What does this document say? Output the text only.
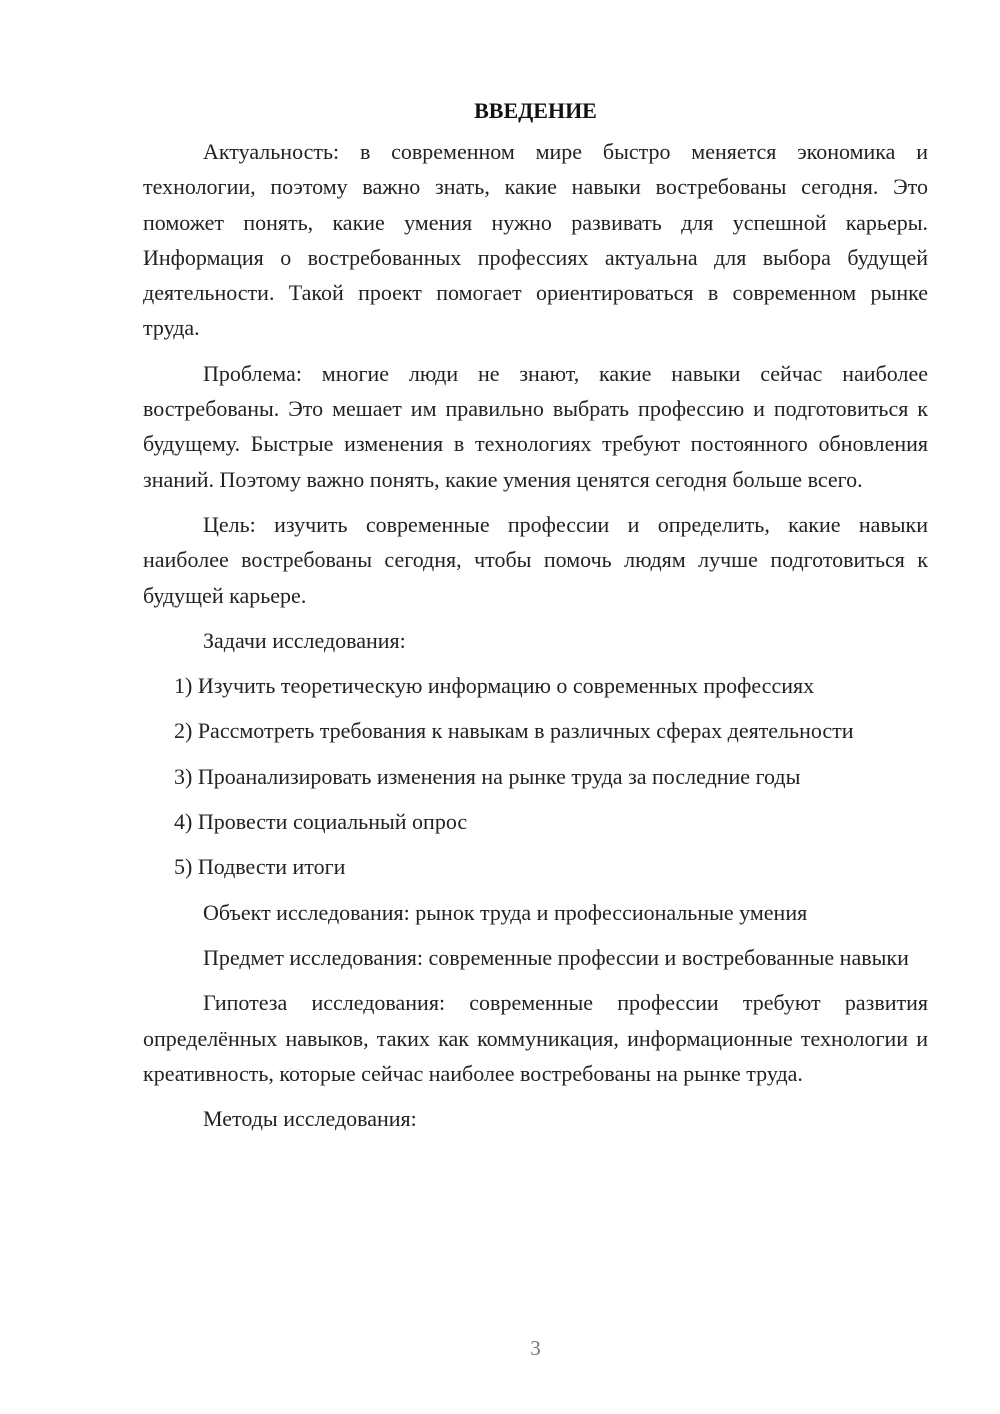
ВВЕДЕНИЕ

Актуальность: в современном мире быстро меняется экономика и технологии, поэтому важно знать, какие навыки востребованы сегодня. Это поможет понять, какие умения нужно развивать для успешной карьеры. Информация о востребованных профессиях актуальна для выбора будущей деятельности. Такой проект помогает ориентироваться в современном рынке труда.

Проблема: многие люди не знают, какие навыки сейчас наиболее востребованы. Это мешает им правильно выбрать профессию и подготовиться к будущему. Быстрые изменения в технологиях требуют постоянного обновления знаний. Поэтому важно понять, какие умения ценятся сегодня больше всего.

Цель: изучить современные профессии и определить, какие навыки наиболее востребованы сегодня, чтобы помочь людям лучше подготовиться к будущей карьере.

Задачи исследования:

1) Изучить теоретическую информацию о современных профессиях

2) Рассмотреть требования к навыкам в различных сферах деятельности

3) Проанализировать изменения на рынке труда за последние годы

4) Провести социальный опрос

5) Подвести итоги

Объект исследования: рынок труда и профессиональные умения

Предмет исследования: современные профессии и востребованные навыки

Гипотеза исследования: современные профессии требуют развития определённых навыков, таких как коммуникация, информационные технологии и креативность, которые сейчас наиболее востребованы на рынке труда.

Методы исследования:

3
